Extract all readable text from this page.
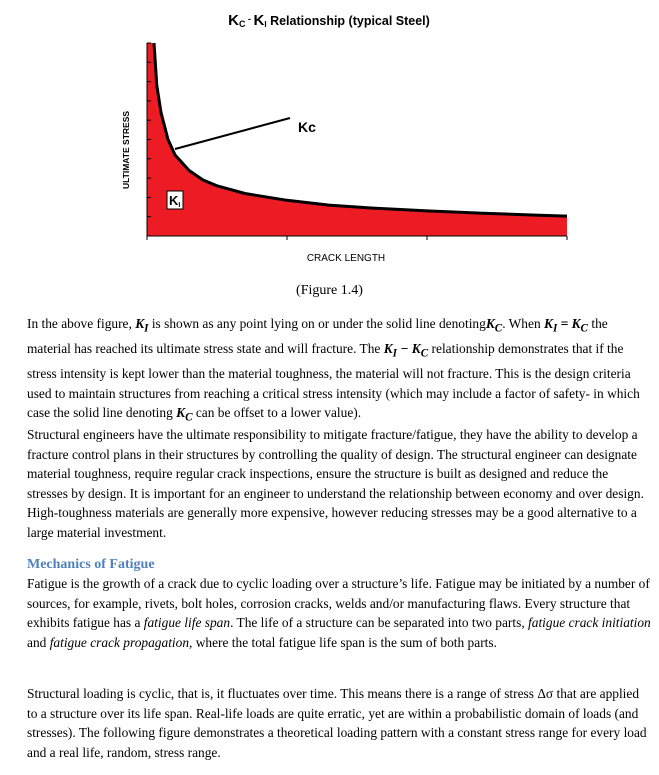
KC - KI Relationship (typical Steel)
Kc
KI
CRACK LENGTH
ULTIMATE STRESS
(Figure 1.4)

In the above figure, $K_I$ is shown as any point lying on or under the solid line denotingK$_C$. When $K_I = K_C$ the material has reached its ultimate stress state and will fracture. The $K_I - K_C$ relationship demonstrates that if the stress intensity is kept lower than the material toughness, the material will not fracture. This is the design criteria used to maintain structures from reaching a critical stress intensity (which may include a factor of safety- in which case the solid line denoting $K_C$ can be offset to a lower value).

Structural engineers have the ultimate responsibility to mitigate fracture/fatigue, they have the ability to develop a fracture control plans in their structures by controlling the quality of design. The structural engineer can designate material toughness, require regular crack inspections, ensure the structure is built as designed and reduce the stresses by design. It is important for an engineer to understand the relationship between economy and over design. High-toughness materials are generally more expensive, however reducing stresses may be a good alternative to a large material investment.

Mechanics of Fatigue

Fatigue is the growth of a crack due to cyclic loading over a structure’s life. Fatigue may be initiated by a number of sources, for example, rivets, bolt holes, corrosion cracks, welds and/or manufacturing flaws. Every structure that exhibits fatigue has a fatigue life span. The life of a structure can be separated into two parts, fatigue crack initiation and fatigue crack propagation, where the total fatigue life span is the sum of both parts.

Structural loading is cyclic, that is, it fluctuates over time. This means there is a range of stress Δσ that are applied to a structure over its life span. Real-life loads are quite erratic, yet are within a probabilistic domain of loads (and stresses). The following figure demonstrates a theoretical loading pattern with a constant stress range for every load and a real life, random, stress range.
